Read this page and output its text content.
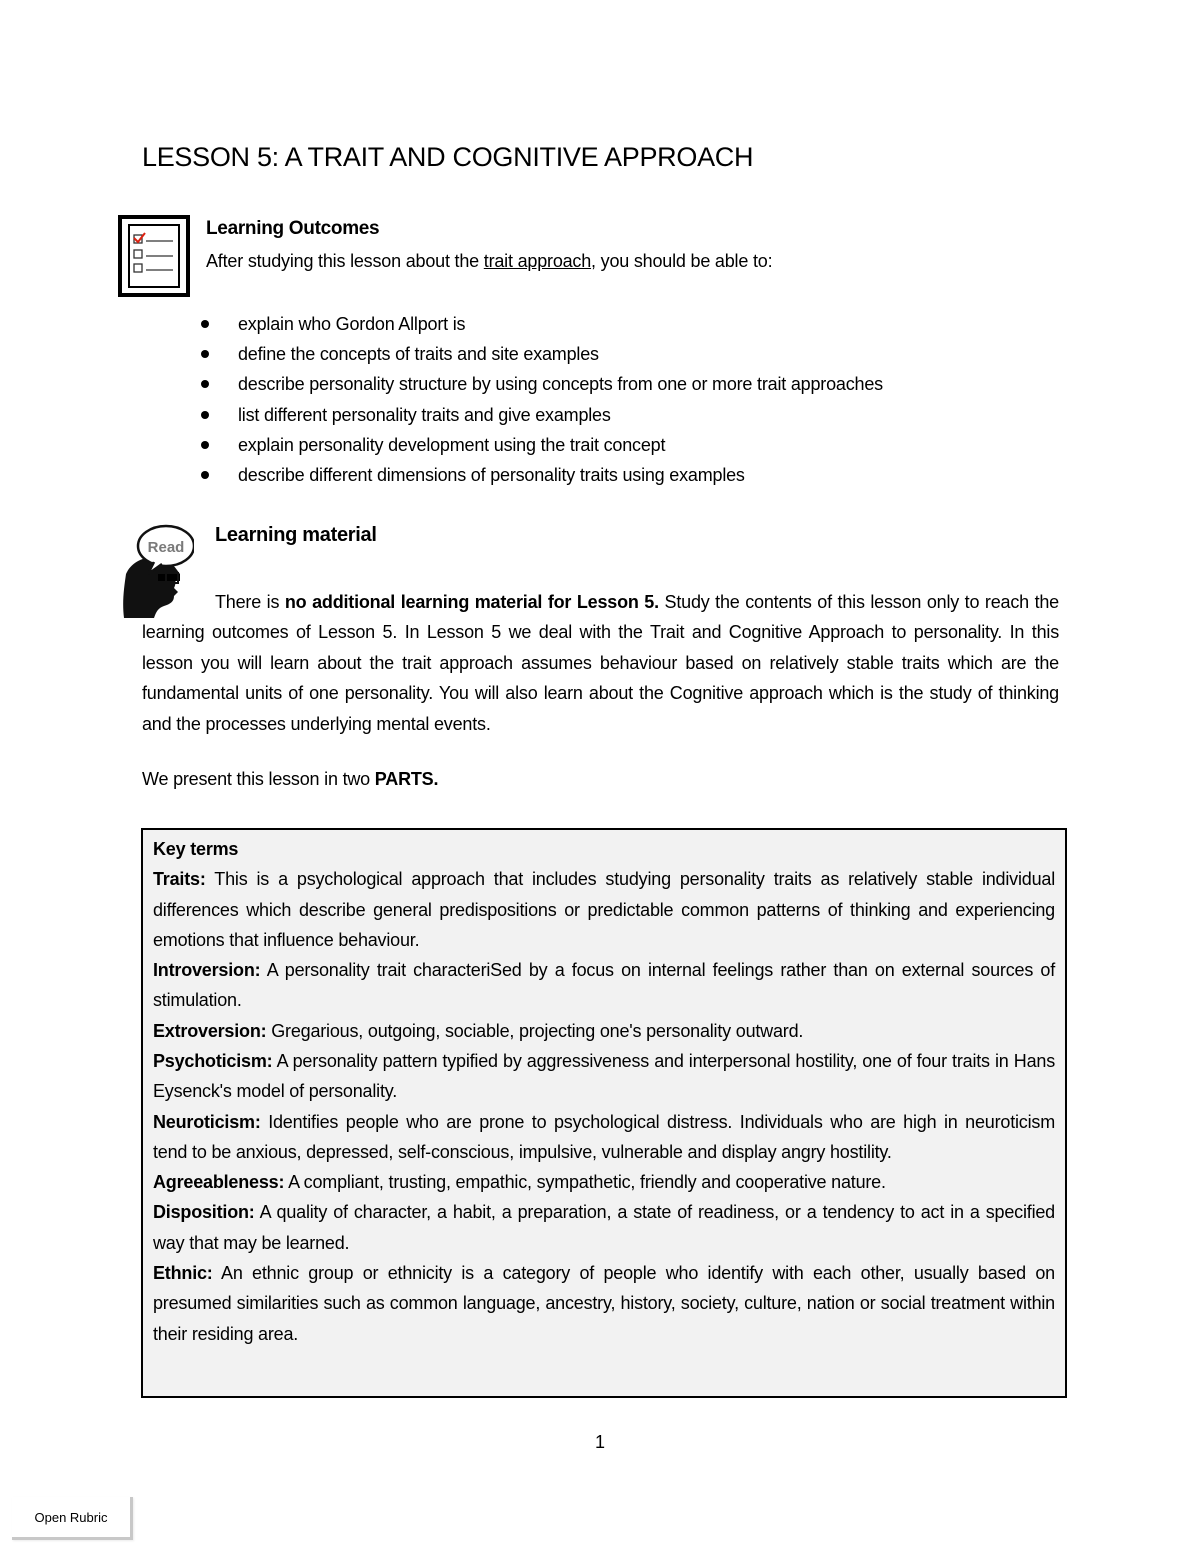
LESSON 5: A TRAIT AND COGNITIVE APPROACH
Learning Outcomes
After studying this lesson about the trait approach, you should be able to:
explain who Gordon Allport is
define the concepts of traits and site examples
describe personality structure by using concepts from one or more trait approaches
list different personality traits and give examples
explain personality development using the trait concept
describe different dimensions of personality traits using examples
Read
Learning material
There is no additional learning material for Lesson 5. Study the contents of this lesson only to reach the learning outcomes of Lesson 5. In Lesson 5 we deal with the Trait and Cognitive Approach to personality. In this lesson you will learn about the trait approach assumes behaviour based on relatively stable traits which are the fundamental units of one personality. You will also learn about the Cognitive approach which is the study of thinking and the processes underlying mental events.
We present this lesson in two PARTS.
Key terms
Traits: This is a psychological approach that includes studying personality traits as relatively stable individual differences which describe general predispositions or predictable common patterns of thinking and experiencing emotions that influence behaviour.
Introversion: A personality trait characteriSed by a focus on internal feelings rather than on external sources of stimulation.
Extroversion: Gregarious, outgoing, sociable, projecting one's personality outward.
Psychoticism: A personality pattern typified by aggressiveness and interpersonal hostility, one of four traits in Hans Eysenck's model of personality.
Neuroticism: Identifies people who are prone to psychological distress. Individuals who are high in neuroticism tend to be anxious, depressed, self-conscious, impulsive, vulnerable and display angry hostility.
Agreeableness: A compliant, trusting, empathic, sympathetic, friendly and cooperative nature.
Disposition: A quality of character, a habit, a preparation, a state of readiness, or a tendency to act in a specified way that may be learned.
Ethnic: An ethnic group or ethnicity is a category of people who identify with each other, usually based on presumed similarities such as common language, ancestry, history, society, culture, nation or social treatment within their residing area.
1
Open Rubric
